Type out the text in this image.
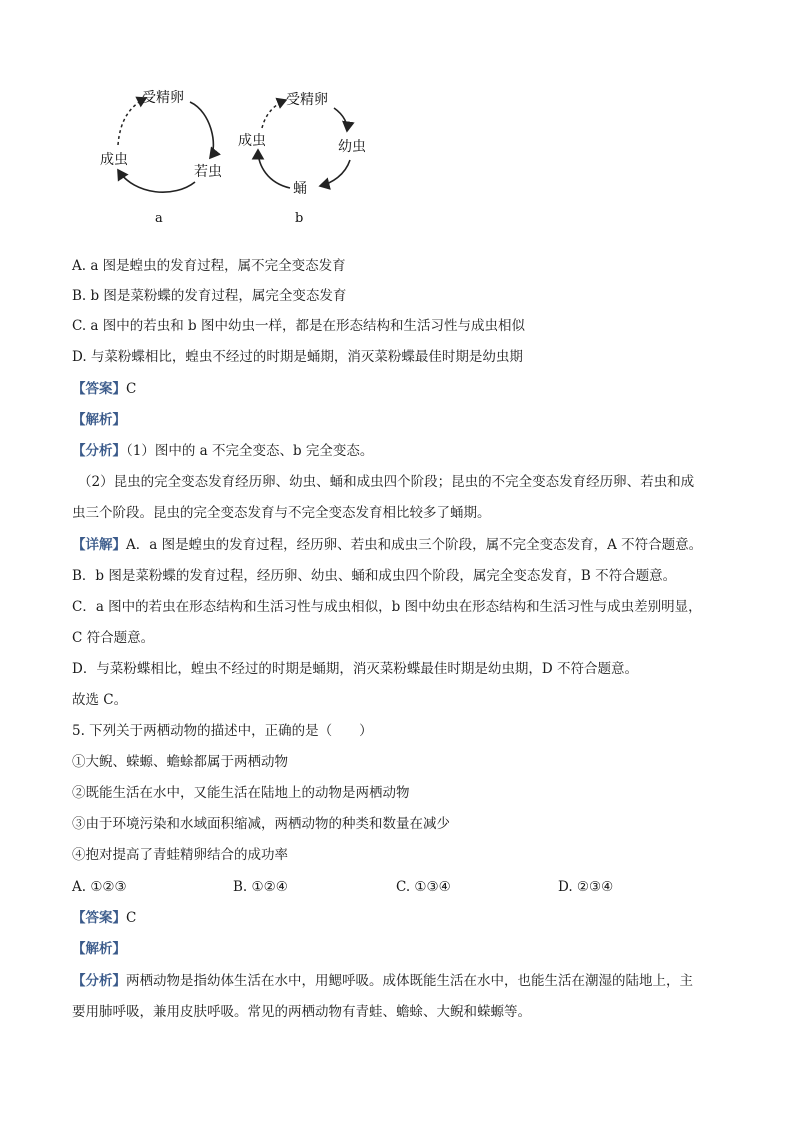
受精卵
若虫
成虫
a
受精卵
幼虫
蛹
成虫
b
A. a 图是蝗虫的发育过程，属不完全变态发育
B. b 图是菜粉蝶的发育过程，属完全变态发育
C. a 图中的若虫和 b 图中幼虫一样，都是在形态结构和生活习性与成虫相似
D. 与菜粉蝶相比，蝗虫不经过的时期是蛹期，消灭菜粉蝶最佳时期是幼虫期
【答案】C
【解析】
【分析】（1）图中的 a 不完全变态、b 完全变态。
（2）昆虫的完全变态发育经历卵、幼虫、蛹和成虫四个阶段；昆虫的不完全变态发育经历卵、若虫和成
虫三个阶段。昆虫的完全变态发育与不完全变态发育相比较多了蛹期。
【详解】A．a 图是蝗虫的发育过程，经历卵、若虫和成虫三个阶段，属不完全变态发育，A 不符合题意。
B．b 图是菜粉蝶的发育过程，经历卵、幼虫、蛹和成虫四个阶段，属完全变态发育，B 不符合题意。
C．a 图中的若虫在形态结构和生活习性与成虫相似，b 图中幼虫在形态结构和生活习性与成虫差别明显，
C 符合题意。
D．与菜粉蝶相比，蝗虫不经过的时期是蛹期，消灭菜粉蝶最佳时期是幼虫期，D 不符合题意。
故选 C。
5. 下列关于两栖动物的描述中，正确的是（　　）
①大鲵、蝾螈、蟾蜍都属于两栖动物
②既能生活在水中，又能生活在陆地上的动物是两栖动物
③由于环境污染和水域面积缩减，两栖动物的种类和数量在减少
④抱对提高了青蛙精卵结合的成功率
A. ①②③	B. ①②④	C. ①③④	D. ②③④
【答案】C
【解析】
【分析】两栖动物是指幼体生活在水中，用鳃呼吸。成体既能生活在水中，也能生活在潮湿的陆地上，主
要用肺呼吸，兼用皮肤呼吸。常见的两栖动物有青蛙、蟾蜍、大鲵和蝾螈等。
